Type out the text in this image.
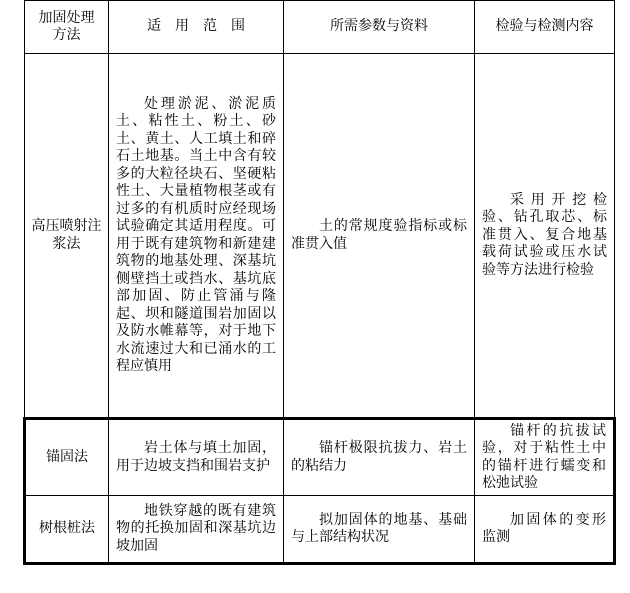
加固处理方法	适　用　范　围	所需参数与资料	检验与检测内容
高压喷射注浆法	处理淤泥、淤泥质土、粘性土、粉土、砂土、黄土、人工填土和碎石土地基。当土中含有较多的大粒径块石、坚硬粘性土、大量植物根茎或有过多的有机质时应经现场试验确定其适用程度。可用于既有建筑物和新建建筑物的地基处理、深基坑侧壁挡土或挡水、基坑底部加固、防止管涌与隆起、坝和隧道围岩加固以及防水帷幕等，对于地下水流速过大和已涌水的工程应慎用	土的常规度验指标或标准贯入值	采用开挖检验、钻孔取芯、标准贯入、复合地基载荷试验或压水试验等方法进行检验
锚固法	岩土体与填土加固，用于边坡支挡和围岩支护	锚杆极限抗拔力、岩土的粘结力	锚杆的抗拔试验，对于粘性土中的锚杆进行蠕变和松弛试验
树根桩法	地铁穿越的既有建筑物的托换加固和深基坑边坡加固	拟加固体的地基、基础与上部结构状况	加固体的变形监测
